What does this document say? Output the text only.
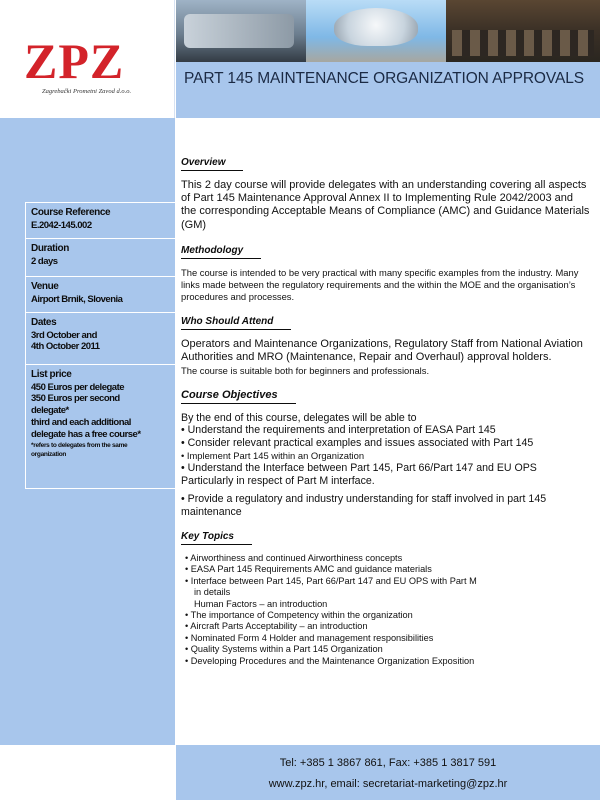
ZPZ
Zagrebački Prometni Zavod d.o.o.
PART 145 MAINTENANCE ORGANIZATION APPROVALS
Course Reference
E.2042-145.002
Duration
2 days
Venue
Airport Brnik, Slovenia
Dates
3rd October and
4th October 2011
List price
450 Euros per delegate
350 Euros per second
delegate*
third and each additional
delegate has a free course*
*refers to delegates from the same
organization
Overview
This 2 day course will provide delegates with an understanding covering all aspects of Part 145 Maintenance Approval Annex II to Implementing Rule 2042/2003 and the corresponding Acceptable Means of Compliance (AMC) and Guidance Materials (GM)
Methodology
The course is intended to be very practical with many specific examples from the industry. Many links made between the regulatory requirements and the within the MOE and the organisation’s procedures and processes.
Who Should Attend
Operators and Maintenance Organizations, Regulatory Staff from National Aviation Authorities and MRO (Maintenance, Repair and Overhaul) approval holders.
The course is suitable both for beginners and professionals.
Course Objectives
By the end of this course, delegates will be able to
• Understand the requirements and interpretation of EASA Part 145
• Consider relevant practical examples and issues associated with Part 145
• Implement Part 145 within an Organization
• Understand the Interface between Part 145, Part 66/Part 147 and EU OPS
Particularly in respect of Part M interface.
• Provide a regulatory and industry understanding for staff involved in part 145
maintenance
Key Topics
• Airworthiness and continued Airworthiness concepts
• EASA Part 145 Requirements AMC and guidance materials
• Interface between Part 145, Part 66/Part 147 and EU OPS with Part M
in details
Human Factors – an introduction
• The importance of Competency within the organization
• Aircraft Parts Acceptability – an introduction
• Nominated Form 4 Holder and management responsibilities
• Quality Systems within a Part 145 Organization
• Developing Procedures and the Maintenance Organization Exposition
Tel: +385 1 3867 861, Fax: +385 1 3817 591
www.zpz.hr, email: secretariat-marketing@zpz.hr
